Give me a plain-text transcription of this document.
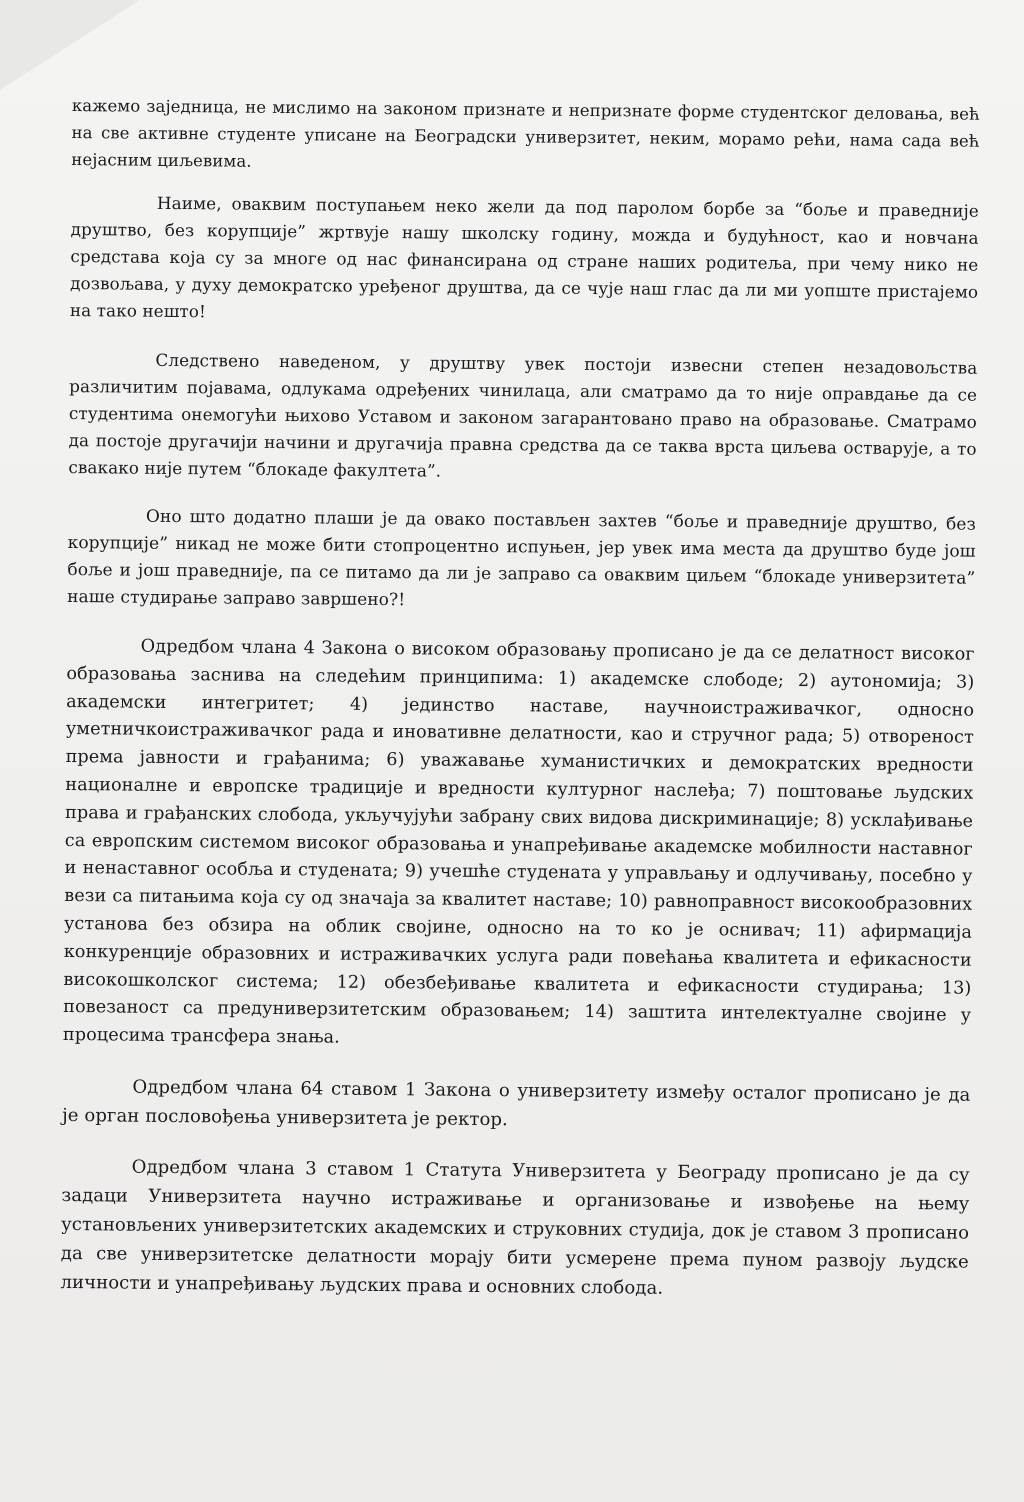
кажемо заједница, не мислимо на законом признате и непризнате форме студентског деловања, већ на све активне студенте уписане на Београдски универзитет, неким, морамо рећи, нама сада већ нејасним циљевима.

Наиме, оваквим поступањем неко жели да под паролом борбе за “боље и праведније друштво, без корупције” жртвује нашу школску годину, можда и будућност, као и новчана средстава која су за многе од нас финансирана од стране наших родитеља, при чему нико не дозвољава, у духу демократско уређеног друштва, да се чује наш глас да ли ми уопште пристајемо на тако нешто!

Следствено наведеном, у друштву увек постоји извесни степен незадовољства различитим појавама, одлукама одређених чинилаца, али сматрамо да то није оправдање да се студентима онемогући њихово Уставом и законом загарантовано право на образовање. Сматрамо да постоје другачији начини и другачија правна средства да се таква врста циљева остварује, а то свакако није путем “блокаде факултета”.

Оно што додатно плаши је да овако постављен захтев “боље и праведније друштво, без корупције” никад не може бити стопроцентно испуњен, јер увек има места да друштво буде још боље и још праведније, па се питамо да ли је заправо са оваквим циљем “блокаде универзитета” наше студирање заправо завршено?!

Одредбом члана 4 Закона о високом образовању прописано је да се делатност високог образовања заснива на следећим принципима: 1) академске слободе; 2) аутономија; 3) академски интегритет; 4) јединство наставе, научноистраживачког, односно уметничкоистраживачког рада и иновативне делатности, као и стручног рада; 5) отвореност према јавности и грађанима; 6) уважавање хуманистичких и демократских вредности националне и европске традиције и вредности културног наслеђа; 7) поштовање људских права и грађанских слобода, укључујући забрану свих видова дискриминације; 8) усклађивање са европским системом високог образовања и унапређивање академске мобилности наставног и ненаставног особља и студената; 9) учешће студената у управљању и одлучивању, посебно у вези са питањима која су од значаја за квалитет наставе; 10) равноправност високообразовних установа без обзира на облик својине, односно на то ко је оснивач; 11) афирмација конкуренције образовних и истраживачких услуга ради повећања квалитета и ефикасности високошколског система; 12) обезбеђивање квалитета и ефикасности студирања; 13) повезаност са предуниверзитетским образовањем; 14) заштита интелектуалне својине у процесима трансфера знања.

Одредбом члана 64 ставом 1 Закона о универзитету између осталог прописано је да је орган пословођења универзитета је ректор.

Одредбом члана 3 ставом 1 Статута Универзитета у Београду прописано је да су задаци Универзитета научно истраживање и организовање и извођење на њему установљених универзитетских академских и струковних студија, док је ставом 3 прописано да све универзитетске делатности морају бити усмерене према пуном развоју људске личности и унапређивању људских права и основних слобода.
